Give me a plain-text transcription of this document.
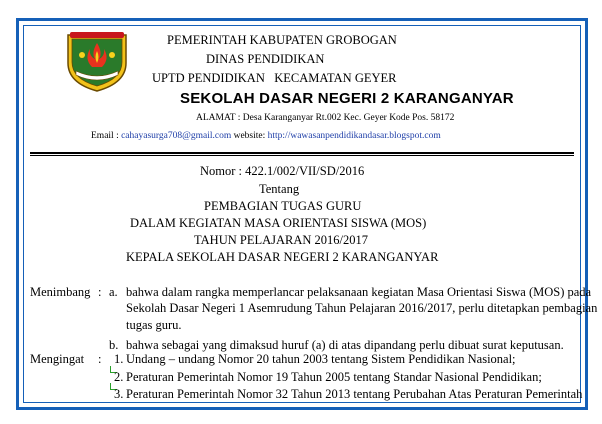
PEMERINTAH KABUPATEN GROBOGAN
DINAS PENDIDIKAN
UPTD PENDIDIKAN   KECAMATAN GEYER
SEKOLAH DASAR NEGERI 2 KARANGANYAR
ALAMAT : Desa Karanganyar Rt.002 Kec. Geyer Kode Pos. 58172
Email : cahayasurga708@gmail.com website: http://wawasanpendidikandasar.blogspot.com
Nomor : 422.1/002/VII/SD/2016
Tentang
PEMBAGIAN TUGAS GURU
DALAM KEGIATAN MASA ORIENTASI SISWA (MOS)
TAHUN PELAJARAN 2016/2017
KEPALA SEKOLAH DASAR NEGERI 2 KARANGANYAR
Menimbang : a. bahwa dalam rangka memperlancar pelaksanaan kegiatan Masa Orientasi Siswa (MOS) pada
Sekolah Dasar Negeri 1 Asemrudung Tahun Pelajaran 2016/2017, perlu ditetapkan pembagian
tugas guru.
b. bahwa sebagai yang dimaksud huruf (a) di atas dipandang perlu dibuat surat keputusan.
Mengingat : 1. Undang – undang Nomor 20 tahun 2003 tentang Sistem Pendidikan Nasional;
2. Peraturan Pemerintah Nomor 19 Tahun 2005 tentang Standar Nasional Pendidikan;
3. Peraturan Pemerintah Nomor 32 Tahun 2013 tentang Perubahan Atas Peraturan Pemerintah
